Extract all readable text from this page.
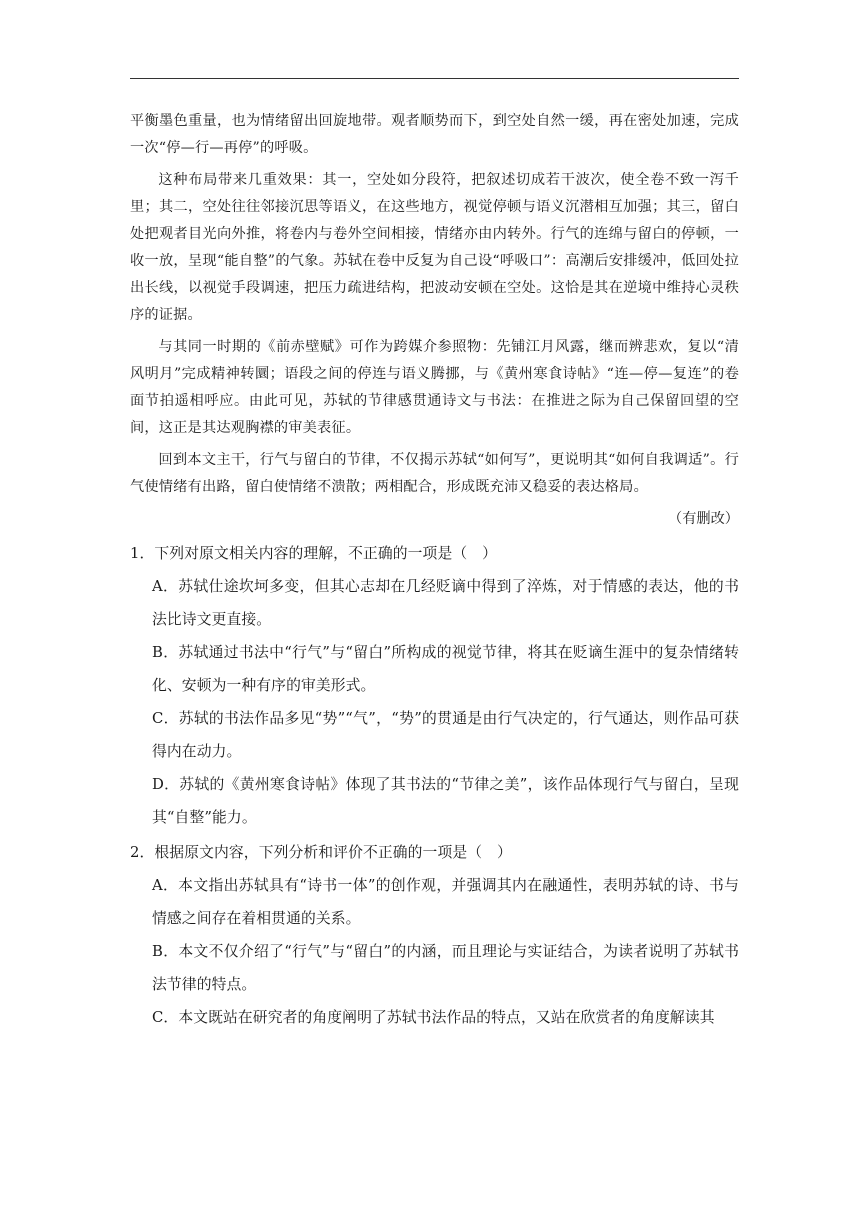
平衡墨色重量，也为情绪留出回旋地带。观者顺势而下，到空处自然一缓，再在密处加速，完成一次“停—行—再停”的呼吸。

这种布局带来几重效果：其一，空处如分段符，把叙述切成若干波次，使全卷不致一泻千里；其二，空处往往邻接沉思等语义，在这些地方，视觉停顿与语义沉潜相互加强；其三，留白处把观者目光向外推，将卷内与卷外空间相接，情绪亦由内转外。行气的连绵与留白的停顿，一收一放，呈现“能自整”的气象。苏轼在卷中反复为自己设“呼吸口”：高潮后安排缓冲，低回处拉出长线，以视觉手段调速，把压力疏进结构，把波动安顿在空处。这恰是其在逆境中维持心灵秩序的证据。

与其同一时期的《前赤壁赋》可作为跨媒介参照物：先铺江月风露，继而辨悲欢，复以“清风明月”完成精神转圜；语段之间的停连与语义腾挪，与《黄州寒食诗帖》“连—停—复连”的卷面节拍遥相呼应。由此可见，苏轼的节律感贯通诗文与书法：在推进之际为自己保留回望的空间，这正是其达观胸襟的审美表征。

回到本文主干，行气与留白的节律，不仅揭示苏轼“如何写”，更说明其“如何自我调适”。行气使情绪有出路，留白使情绪不溃散；两相配合，形成既充沛又稳妥的表达格局。

（有删改）

1．下列对原文相关内容的理解，不正确的一项是（　）

A．苏轼仕途坎坷多变，但其心志却在几经贬谪中得到了淬炼，对于情感的表达，他的书法比诗文更直接。

B．苏轼通过书法中“行气”与“留白”所构成的视觉节律，将其在贬谪生涯中的复杂情绪转化、安顿为一种有序的审美形式。

C．苏轼的书法作品多见“势”“气”，“势”的贯通是由行气决定的，行气通达，则作品可获得内在动力。

D．苏轼的《黄州寒食诗帖》体现了其书法的“节律之美”，该作品体现行气与留白，呈现其“自整”能力。

2．根据原文内容，下列分析和评价不正确的一项是（　）

A．本文指出苏轼具有“诗书一体”的创作观，并强调其内在融通性，表明苏轼的诗、书与情感之间存在着相贯通的关系。

B．本文不仅介绍了“行气”与“留白”的内涵，而且理论与实证结合，为读者说明了苏轼书法节律的特点。

C．本文既站在研究者的角度阐明了苏轼书法作品的特点，又站在欣赏者的角度解读其
